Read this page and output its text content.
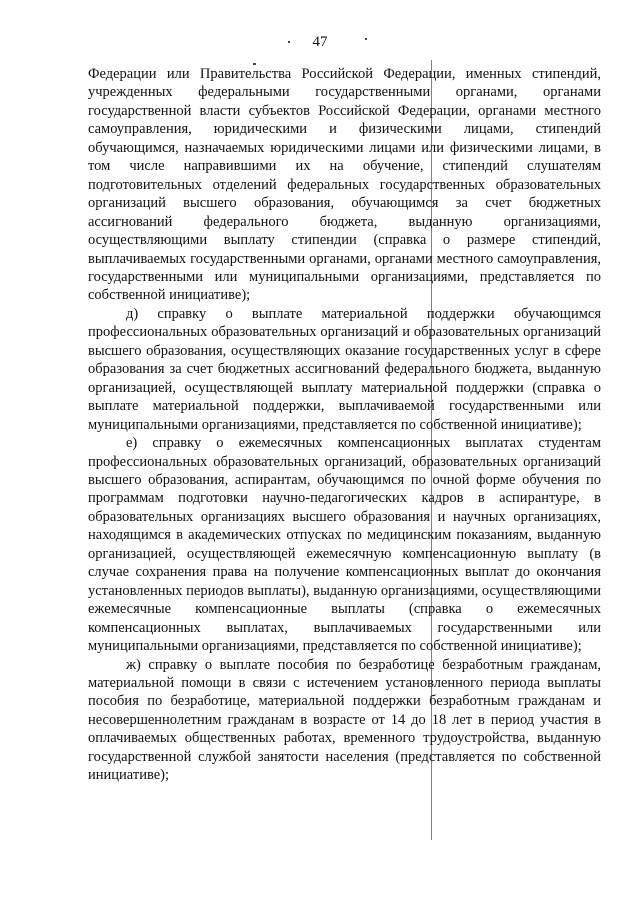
47

Федерации или Правительства Российской Федерации, именных стипендий, учрежденных федеральными государственными органами, органами государственной власти субъектов Российской Федерации, органами местного самоуправления, юридическими и физическими лицами, стипендий обучающимся, назначаемых юридическими лицами или физическими лицами, в том числе направившими их на обучение, стипендий слушателям подготовительных отделений федеральных государственных образовательных организаций высшего образования, обучающимся за счет бюджетных ассигнований федерального бюджета, выданную организациями, осуществляющими выплату стипендии (справка о размере стипендий, выплачиваемых государственными органами, органами местного самоуправления, государственными или муниципальными организациями, представляется по собственной инициативе);

д) справку о выплате материальной поддержки обучающимся профессиональных образовательных организаций и образовательных организаций высшего образования, осуществляющих оказание государственных услуг в сфере образования за счет бюджетных ассигнований федерального бюджета, выданную организацией, осуществляющей выплату материальной поддержки (справка о выплате материальной поддержки, выплачиваемой государственными или муниципальными организациями, представляется по собственной инициативе);

е) справку о ежемесячных компенсационных выплатах студентам профессиональных образовательных организаций, образовательных организаций высшего образования, аспирантам, обучающимся по очной форме обучения по программам подготовки научно-педагогических кадров в аспирантуре, в образовательных организациях высшего образования и научных организациях, находящимся в академических отпусках по медицинским показаниям, выданную организацией, осуществляющей ежемесячную компенсационную выплату (в случае сохранения права на получение компенсационных выплат до окончания установленных периодов выплаты), выданную организациями, осуществляющими ежемесячные компенсационные выплаты (справка о ежемесячных компенсационных выплатах, выплачиваемых государственными или муниципальными организациями, представляется по собственной инициативе);

ж) справку о выплате пособия по безработице безработным гражданам, материальной помощи в связи с истечением установленного периода выплаты пособия по безработице, материальной поддержки безработным гражданам и несовершеннолетним гражданам в возрасте от 14 до 18 лет в период участия в оплачиваемых общественных работах, временного трудоустройства, выданную государственной службой занятости населения (представляется по собственной инициативе);
